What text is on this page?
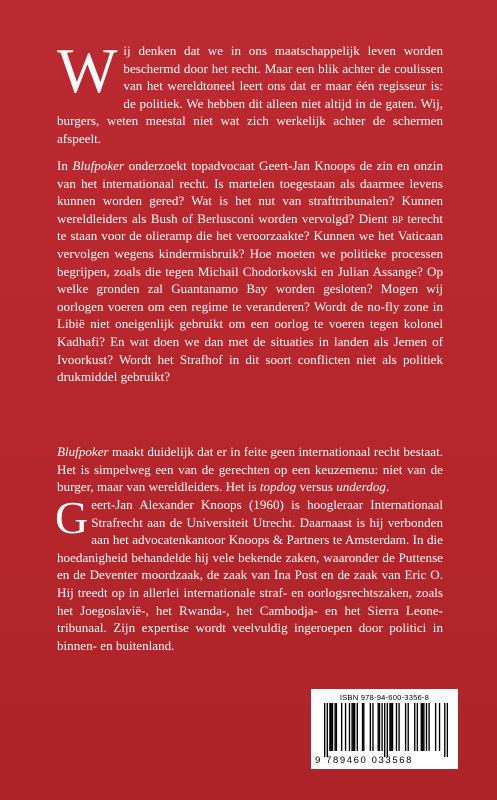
W ij denken dat we in ons maatschappelijk leven worden beschermd door het recht. Maar een blik achter de coulissen van het wereldtoneel leert ons dat er maar één regisseur is: de politiek. We hebben dit alleen niet altijd in de gaten. Wij, burgers, weten meestal niet wat zich werkelijk achter de schermen afspeelt.
In Blufpoker onderzoekt topadvocaat Geert-Jan Knoops de zin en onzin van het internationaal recht. Is martelen toegestaan als daarmee levens kunnen worden gered? Wat is het nut van strafttribunalen? Kunnen wereldleiders als Bush of Berlusconi worden vervolgd? Dient bp terecht te staan voor de olieramp die het veroorzaakte? Kunnen we het Vaticaan vervolgen wegens kindermisbruik? Hoe moeten we politieke processen begrijpen, zoals die tegen Michail Chodorkovski en Julian Assange? Op welke gronden zal Guantanamo Bay worden gesloten? Mogen wij oorlogen voeren om een regime te veranderen? Wordt de no-fly zone in Libië niet oneigenlijk gebruikt om een oorlog te voeren tegen kolonel Kadhafi? En wat doen we dan met de situaties in landen als Jemen of Ivoorkust? Wordt het Strafhof in dit soort conflicten niet als politiek drukmiddel gebruikt?
Blufpoker maakt duidelijk dat er in feite geen internationaal recht bestaat. Het is simpelweg een van de gerechten op een keuzemenu: niet van de burger, maar van wereldleiders. Het is topdog versus underdog.
G eert-Jan Alexander Knoops (1960) is hoogleraar Internationaal Strafrecht aan de Universiteit Utrecht. Daarnaast is hij verbonden aan het advocatenkantoor Knoops & Partners te Amsterdam. In die hoedanigheid behandelde hij vele bekende zaken, waaronder de Puttense en de Deventer moordzaak, de zaak van Ina Post en de zaak van Eric O. Hij treedt op in allerlei internationale straf- en oorlogsrechtszaken, zoals het Joegoslavië-, het Rwanda-, het Cambodja- en het Sierra Leone-tribunaal. Zijn expertise wordt veelvuldig ingeroepen door politici in binnen- en buitenland.
ISBN 978-94-600-3356-8
9 789460 033568
